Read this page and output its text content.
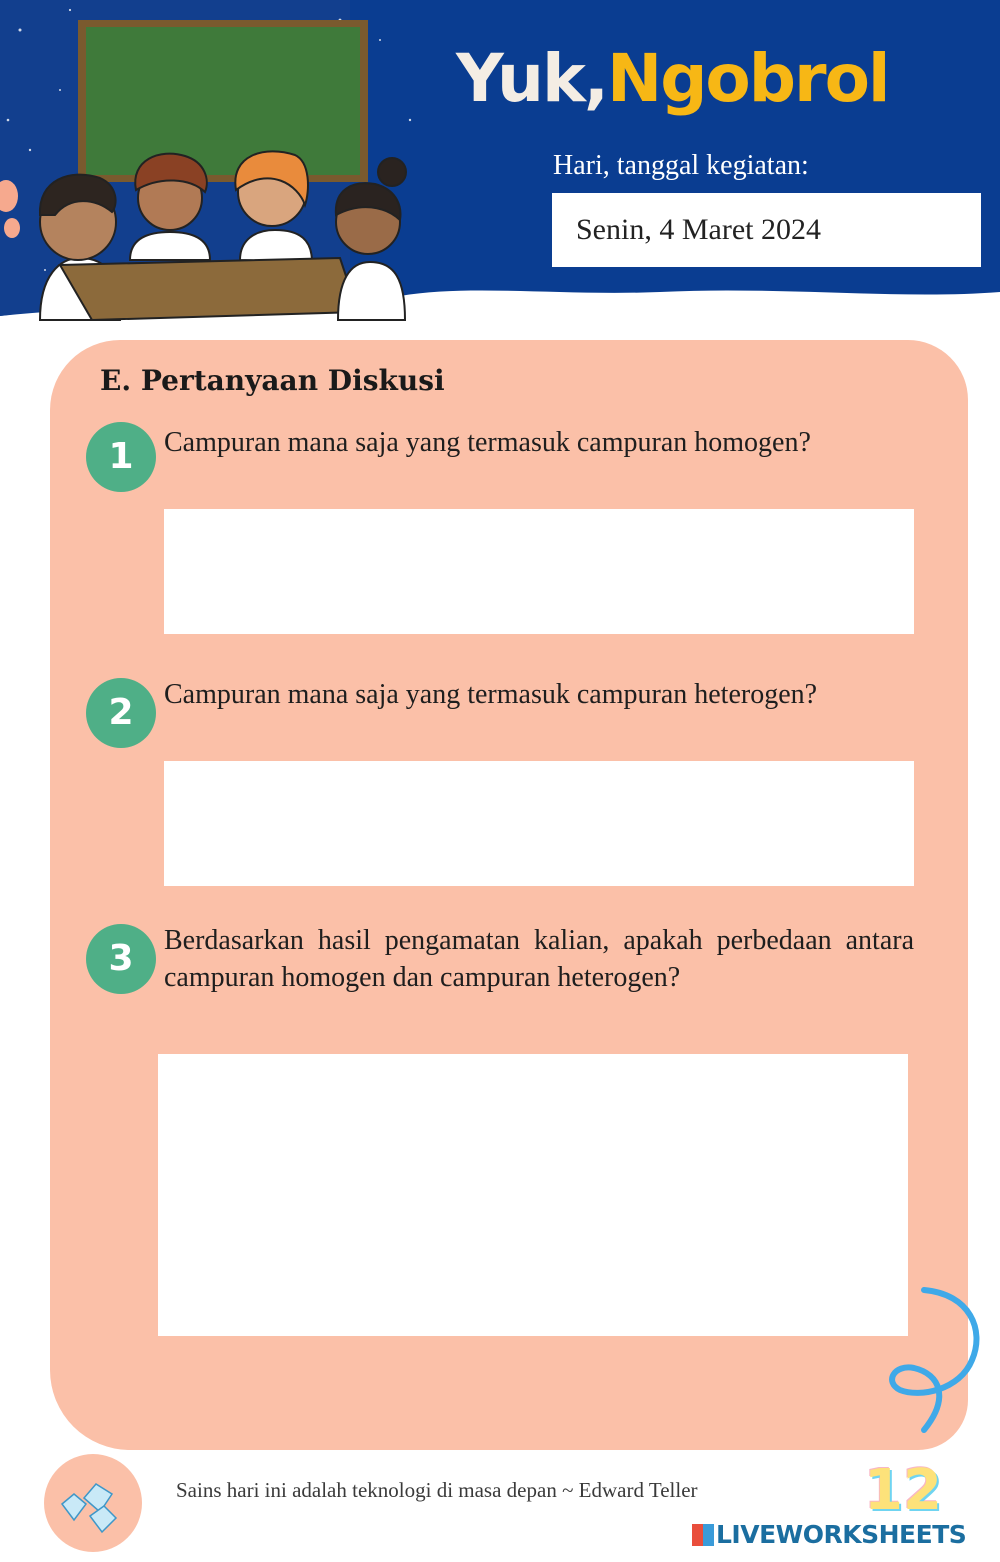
Yuk,Ngobrol
Hari, tanggal kegiatan:
Senin, 4 Maret 2024
E. Pertanyaan Diskusi
1	Campuran mana saja yang termasuk campuran homogen?
2	Campuran mana saja yang termasuk campuran heterogen?
3	Berdasarkan hasil pengamatan kalian, apakah perbedaan antara campuran homogen dan campuran heterogen?
Sains hari ini adalah teknologi di masa depan ~ Edward Teller	12
LIVEWORKSHEETS
